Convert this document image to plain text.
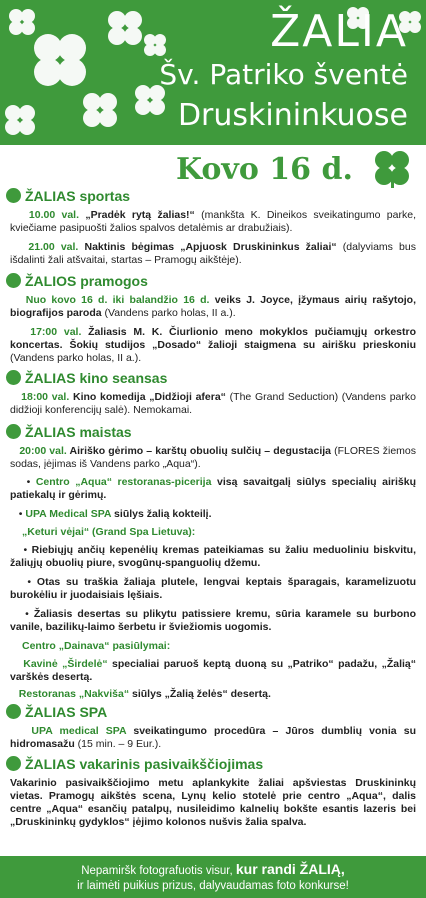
ŽALIA
Šv. Patriko šventė
Druskininkuose
Kovo 16 d.
ŽALIAS sportas
10.00 val. „Pradėk rytą žalias!“ (mankšta K. Dineikos sveikatingumo parke, kviečiame pasipuošti žalios spalvos detalėmis ar drabužiais).
21.00 val. Naktinis bėgimas „Apjuosk Druskininkus žaliai“ (dalyviams bus išdalinti žali atšvaitai, startas – Pramogų aikštėje).
ŽALIOS pramogos
Nuo kovo 16 d. iki balandžio 16 d. veiks J. Joyce, įžymaus airių rašytojo, biografijos paroda (Vandens parko holas, II a.).
17:00 val. Žaliasis M. K. Čiurlionio meno mokyklos pučiamųjų orkestro koncertas. Šokių studijos „Dosado“ žalioji staigmena su airišku prieskoniu (Vandens parko holas, II a.).
ŽALIAS kino seansas
18:00 val. Kino komedija „Didžioji afera“ (The Grand Seduction) (Vandens parko didžioji konferencijų salė). Nemokamai.
ŽALIAS maistas
20:00 val. Airiško gėrimo – karštų obuolių sulčių – degustacija (FLORES žiemos sodas, įėjimas iš Vandens parko „Aqua“).
• Centro „Aqua“ restoranas-picerija visą savaitgalį siūlys specialių airiškų patiekalų ir gėrimų.
• UPA Medical SPA siūlys žalią kokteilį.
„Keturi vėjai“ (Grand Spa Lietuva):
• Riebiųjų ančių kepenėlių kremas pateikiamas su žaliu meduoliniu biskvitu, žaliųjų obuolių piure, svogūnų-spanguolių džemu.
• Otas su traškia žaliaja plutele, lengvai keptais šparagais, karamelizuotu burokėliu ir juodaisiais lęšiais.
• Žaliasis desertas su plikytu patissiere kremu, sūria karamele su burbono vanile, bazilikų-laimo šerbetu ir šviežiomis uogomis.
Centro „Dainava“ pasiūlymai:
Kavinė „Širdelė“ specialiai paruoš keptą duoną su „Patriko“ padažu, „Žalią“ varškės desertą.
Restoranas „Nakviša“ siūlys „Žalią želės“ desertą.
ŽALIAS SPA
UPA medical SPA sveikatingumo procedūra – Jūros dumblių vonia su hidromasažu (15 min. – 9 Eur.).
ŽALIAS vakarinis pasivaikščiojimas
Vakarinio pasivaikščiojimo metu aplankykite žaliai apšviestas Druskininkų vietas. Pramogų aikštės scena, Lynų kelio stotelė prie centro „Aqua“, dalis centre „Aqua“ esančių patalpų, nusileidimo kalnelių bokšte esantis lazeris bei „Druskininkų gydyklos“ įėjimo kolonos nušvis žalia spalva.
Nepamiršk fotografuotis visur, kur randi ŽALIĄ,
ir laimėti puikius prizus, dalyvaudamas foto konkurse!
